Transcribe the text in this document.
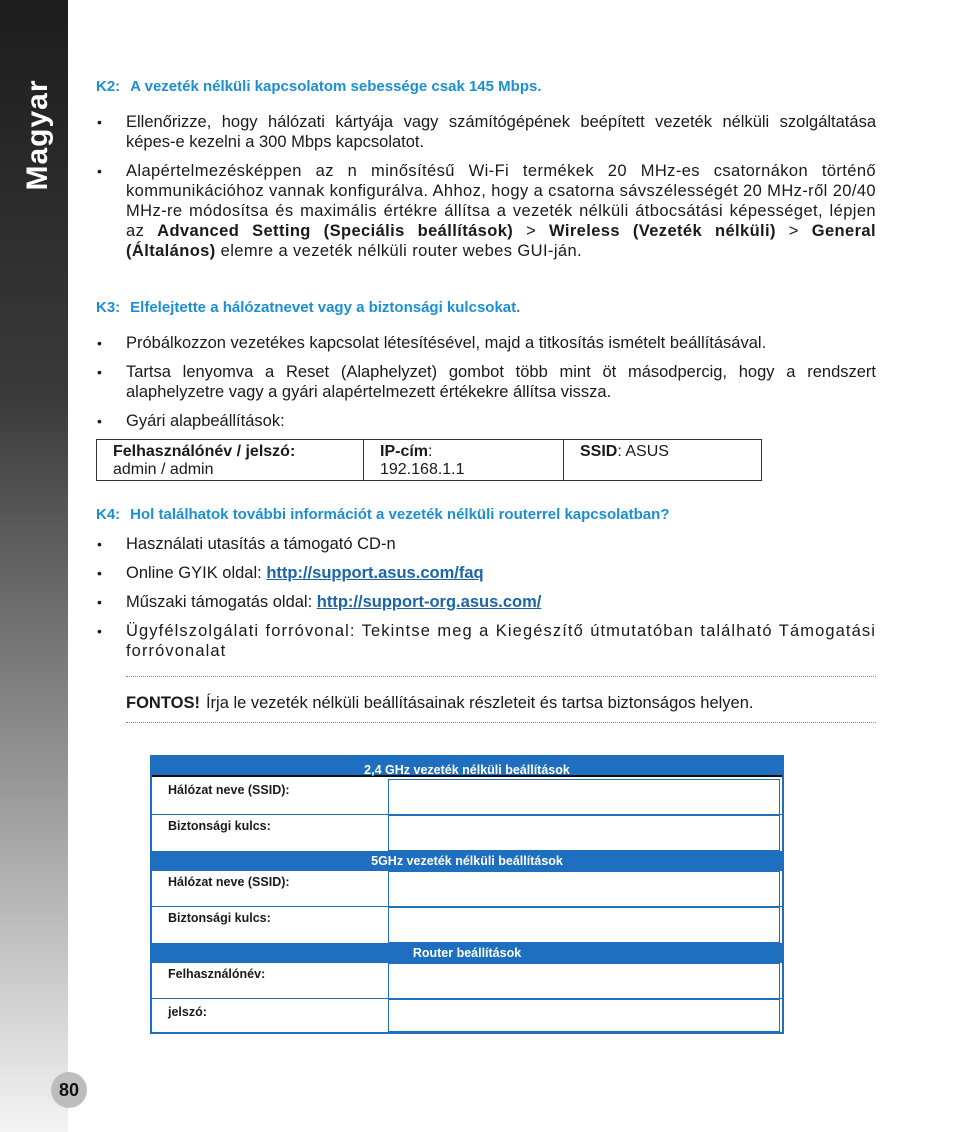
Magyar
80
K2: A vezeték nélküli kapcsolatom sebessége csak 145 Mbps.
• Ellenőrizze, hogy hálózati kártyája vagy számítógépének beépített vezeték nélküli szolgáltatása képes-e kezelni a 300 Mbps kapcsolatot.
• Alapértelmezésképpen az n minősítésű Wi-Fi termékek 20 MHz-es csatornákon történő kommunikációhoz vannak konfigurálva. Ahhoz, hogy a csatorna sávszélességét 20 MHz-ről 20/40 MHz-re módosítsa és maximális értékre állítsa a vezeték nélküli átbocsátási képességet, lépjen az Advanced Setting (Speciális beállítások) > Wireless (Vezeték nélküli) > General (Általános) elemre a vezeték nélküli router webes GUI-ján.
K3: Elfelejtette a hálózatnevet vagy a biztonsági kulcsokat.
• Próbálkozzon vezetékes kapcsolat létesítésével, majd a titkosítás ismételt beállításával.
• Tartsa lenyomva a Reset (Alaphelyzet) gombot több mint öt másodpercig, hogy a rendszert alaphelyzetre vagy a gyári alapértelmezett értékekre állítsa vissza.
• Gyári alapbeállítások:
Felhasználónév / jelszó:
admin / admin
IP-cím:
192.168.1.1
SSID: ASUS
K4: Hol találhatok további információt a vezeték nélküli routerrel kapcsolatban?
• Használati utasítás a támogató CD-n
• Online GYIK oldal: http://support.asus.com/faq
• Műszaki támogatás oldal: http://support-org.asus.com/
• Ügyfélszolgálati forróvonal: Tekintse meg a Kiegészítő útmutatóban található Támogatási forróvonalat
FONTOS! Írja le vezeték nélküli beállításainak részleteit és tartsa biztonságos helyen.
2,4 GHz vezeték nélküli beállítások
Hálózat neve (SSID):
Biztonsági kulcs:
5GHz vezeték nélküli beállítások
Hálózat neve (SSID):
Biztonsági kulcs:
Router beállítások
Felhasználónév:
jelszó:
